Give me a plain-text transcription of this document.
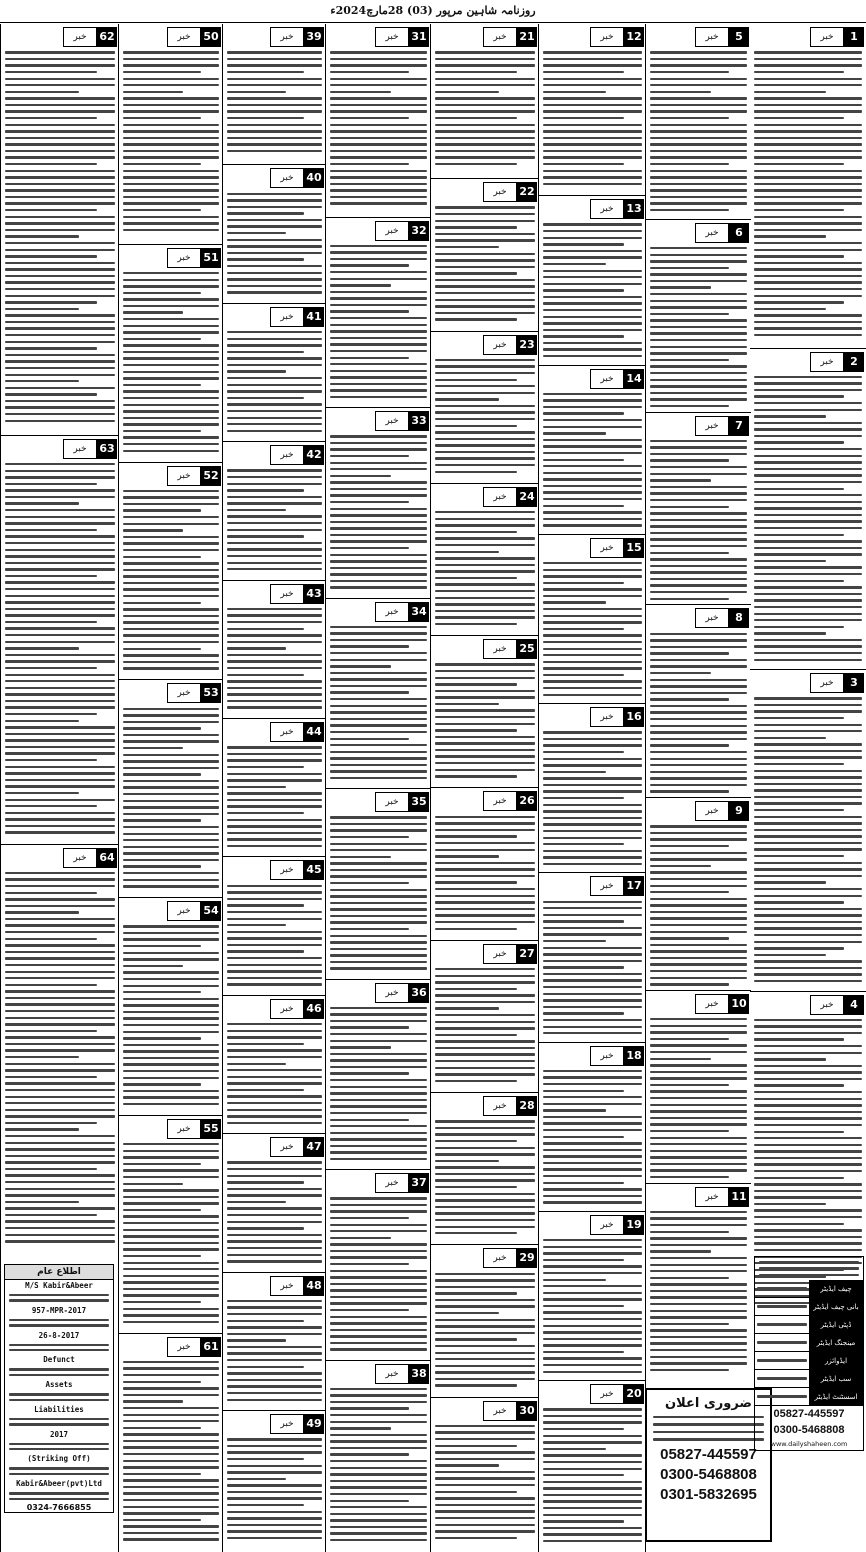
روزنامہ شاہین مرپور (03) 28مارچ2024ء
خبر	1
خبر	2
خبر	3
خبر	4
خبر	5
خبر	6
خبر	7
خبر	8
خبر	9
خبر	10
خبر	11
خبر	12
خبر	13
خبر	14
خبر	15
خبر	16
خبر	17
خبر	18
خبر	19
خبر	20
خبر	21
خبر	22
خبر	23
خبر	24
خبر	25
خبر	26
خبر	27
خبر	28
خبر	29
خبر	30
خبر	31
خبر	32
خبر	33
خبر	34
خبر	35
خبر	36
خبر	37
خبر	38
خبر	39
خبر	40
خبر	41
خبر	42
خبر	43
خبر	44
خبر	45
خبر	46
خبر	47
خبر	48
خبر	49
خبر	50
خبر	51
خبر	52
خبر	53
خبر	54
خبر	55
خبر	61
خبر	62
خبر	63
خبر	64
اطلاع عام
M/S Kabir&Abeer
957-MPR-2017
26-8-2017
Defunct
Assets
Liabilities
2017
(Striking Off)
Kabir&Abeer(pvt)Ltd
0324-7666855
ضروری اعلان
05827-445597
0300-5468808
0301-5832695
چیف ایڈیٹر
بانی چیف ایڈیٹر
ڈپٹی ایڈیٹر
مینجنگ ایڈیٹر
ایڈوائزر
سب ایڈیٹر
اسسٹنٹ ایڈیٹر
05827-445597
0300-5468808
www.dailyshaheen.com
